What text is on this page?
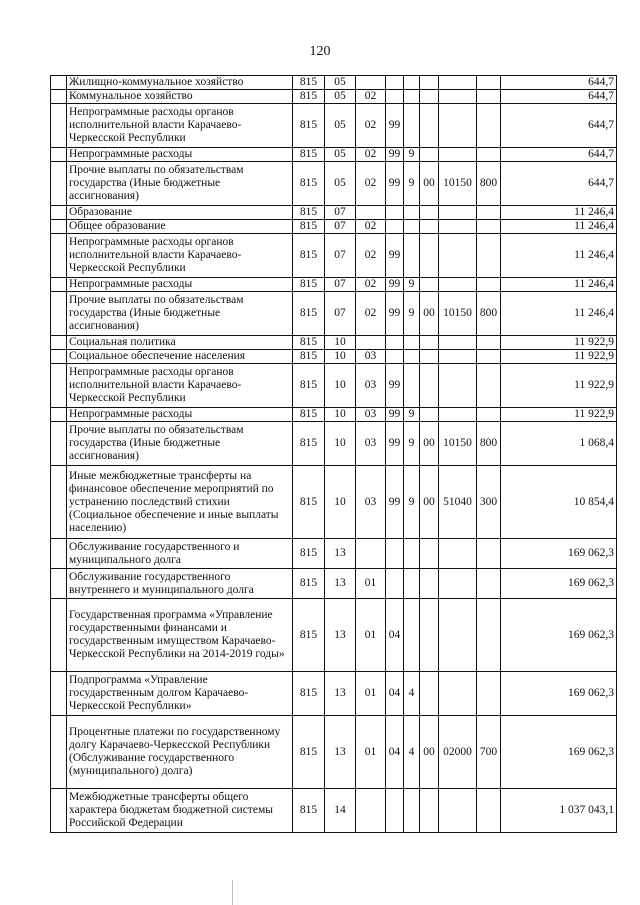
120
	Жилищно-коммунальное хозяйство	815	05							644,7
	Коммунальное хозяйство	815	05	02						644,7
	Непрограммные расходы органов исполнительной власти Карачаево-Черкесской Республики	815	05	02	99					644,7
	Непрограммные расходы	815	05	02	99	9				644,7
	Прочие выплаты по обязательствам государства (Иные бюджетные ассигнования)	815	05	02	99	9	00	10150	800	644,7
	Образование	815	07							11 246,4
	Общее образование	815	07	02						11 246,4
	Непрограммные расходы органов исполнительной власти Карачаево-Черкесской Республики	815	07	02	99					11 246,4
	Непрограммные расходы	815	07	02	99	9				11 246,4
	Прочие выплаты по обязательствам государства (Иные бюджетные ассигнования)	815	07	02	99	9	00	10150	800	11 246,4
	Социальная политика	815	10							11 922,9
	Социальное обеспечение населения	815	10	03						11 922,9
	Непрограммные расходы органов исполнительной власти Карачаево-Черкесской Республики	815	10	03	99					11 922,9
	Непрограммные расходы	815	10	03	99	9				11 922,9
	Прочие выплаты по обязательствам государства (Иные бюджетные ассигнования)	815	10	03	99	9	00	10150	800	1 068,4
	Иные межбюджетные трансферты на финансовое обеспечение мероприятий по устранению последствий стихии (Социальное обеспечение и иные выплаты населению)	815	10	03	99	9	00	51040	300	10 854,4
	Обслуживание государственного и муниципального долга	815	13							169 062,3
	Обслуживание государственного внутреннего и муниципального долга	815	13	01						169 062,3
	Государственная программа «Управление государственными финансами и государственным имуществом Карачаево-Черкесской Республики на 2014-2019 годы»	815	13	01	04					169 062,3
	Подпрограмма «Управление государственным долгом Карачаево-Черкесской Республики»	815	13	01	04	4				169 062,3
	Процентные платежи по государственному долгу Карачаево-Черкесской Республики (Обслуживание государственного (муниципального) долга)	815	13	01	04	4	00	02000	700	169 062,3
	Межбюджетные трансферты общего характера бюджетам бюджетной системы Российской Федерации	815	14							1 037 043,1
